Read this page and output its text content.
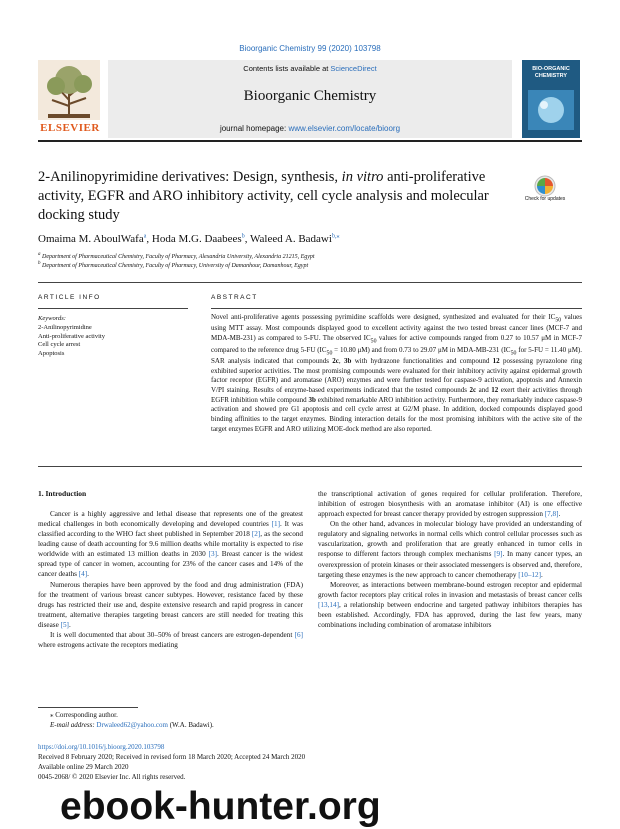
Bioorganic Chemistry 99 (2020) 103798
Contents lists available at ScienceDirect
Bioorganic Chemistry
journal homepage: www.elsevier.com/locate/bioorg
ELSEVIER
BIO-ORGANIC CHEMISTRY
2-Anilinopyrimidine derivatives: Design, synthesis, in vitro anti-proliferative activity, EGFR and ARO inhibitory activity, cell cycle analysis and molecular docking study
Check for updates
Omaima M. AboulWafa$^a$, Hoda M.G. Daabees$^b$, Waleed A. Badawi$^{b,⁎}$
$^a$ Department of Pharmaceutical Chemistry, Faculty of Pharmacy, Alexandria University, Alexandria 21215, Egypt
$^b$ Department of Pharmaceutical Chemistry, Faculty of Pharmacy, University of Damanhour, Damanhour, Egypt
ARTICLE INFO
Keywords:
2-Anilinopyrimidine
Anti-proliferative activity
Cell cycle arrest
Apoptosis
ABSTRACT
Novel anti-proliferative agents possessing pyrimidine scaffolds were designed, synthesized and evaluated for their $IC_{50}$ values using MTT assay. Most compounds displayed good to excellent activity against the two tested breast cancer lines (MCF-7 and MDA-MB-231) as compared to 5-FU. The observed $IC_{50}$ values for active compounds ranged from 0.27 to 10.57 μM in MCF-7 compared to the reference drug 5-FU ($IC_{50} = 10.80$ μM) and from 0.73 to 29.07 μM in MDA-MB-231 ($IC_{50}$ for 5-FU = 11.40 μM). SAR analysis indicated that compounds 2c, 3b with hydrazone functionalities and compound 12 possessing pyrazolone ring exhibited superior activities. The most promising compounds were evaluated for their inhibitory activity against epidermal growth factor receptor (EGFR) and aromatase (ARO) enzymes and were further tested for caspase-9 activation, apoptosis and Annexin V/PI staining. Results of enzyme-based experiments indicated that the tested compounds 2c and 12 exert their activities through EGFR inhibition while compound 3b exhibited remarkable ARO inhibition activity. Furthermore, they remarkably induce caspase-9 activation and showed pre G1 apoptosis and cell cycle arrest at G2/M phase. In addition, docked compounds displayed good binding affinities to the target enzymes. Binding interaction details for the most promising inhibitors with the active site of the target enzymes EGFR and ARO utilizing MOE-dock method are also reported.
1. Introduction

Cancer is a highly aggressive and lethal disease that represents one of the greatest medical challenges in both economically developing and developed countries [1]. It was classified according to the WHO fact sheet published in September 2018 [2], as the second leading cause of death accounting for 9.6 million deaths while mortality is expected to rise worldwide with an estimated 13 million deaths in 2030 [3]. Breast cancer is the widest spread type of cancer in women, accounting for 23% of the cancer cases and 14% of the cancer deaths [4].

Numerous therapies have been approved by the food and drug administration (FDA) for the treatment of various breast cancer subtypes. However, resistance faced by these drugs has restricted their use and, despite extensive research and rapid progress in cancer treatment, alternative therapies targeting breast cancers are still needed for treating this disease [5].

It is well documented that about 30–50% of breast cancers are estrogen-dependent [6] where estrogens activate the receptors mediating

the transcriptional activation of genes required for cellular proliferation. Therefore, inhibition of estrogen biosynthesis with an aromatase inhibitor (AI) is one effective approach expected for breast cancer therapy provided by estrogen suppression [7,8].

On the other hand, advances in molecular biology have provided an understanding of regulatory and signaling networks in normal cells which control cellular processes such as vascularization, growth and proliferation that are greatly enhanced in tumor cells in response to different factors through complex mechanisms [9]. In many cancer types, an overexpression of protein kinases or their associated messengers is observed and, therefore, targeting these enzymes is the new approach to cancer chemotherapy [10–12].

Moreover, as interactions between membrane-bound estrogen receptor and epidermal growth factor receptors play critical roles in invasion and metastasis of breast cancer cells [13,14], a relationship between endocrine and targeted pathway inhibitors therapies has been established. Accordingly, FDA has approved, during the last few years, many combinations including combination of aromatase inhibitors

⁎ Corresponding author.
E-mail address: Drwaleed62@yahoo.com (W.A. Badawi).
https://doi.org/10.1016/j.bioorg.2020.103798
Received 8 February 2020; Received in revised form 18 March 2020; Accepted 24 March 2020
Available online 29 March 2020
0045-2068/ © 2020 Elsevier Inc. All rights reserved.
ebook-hunter.org
